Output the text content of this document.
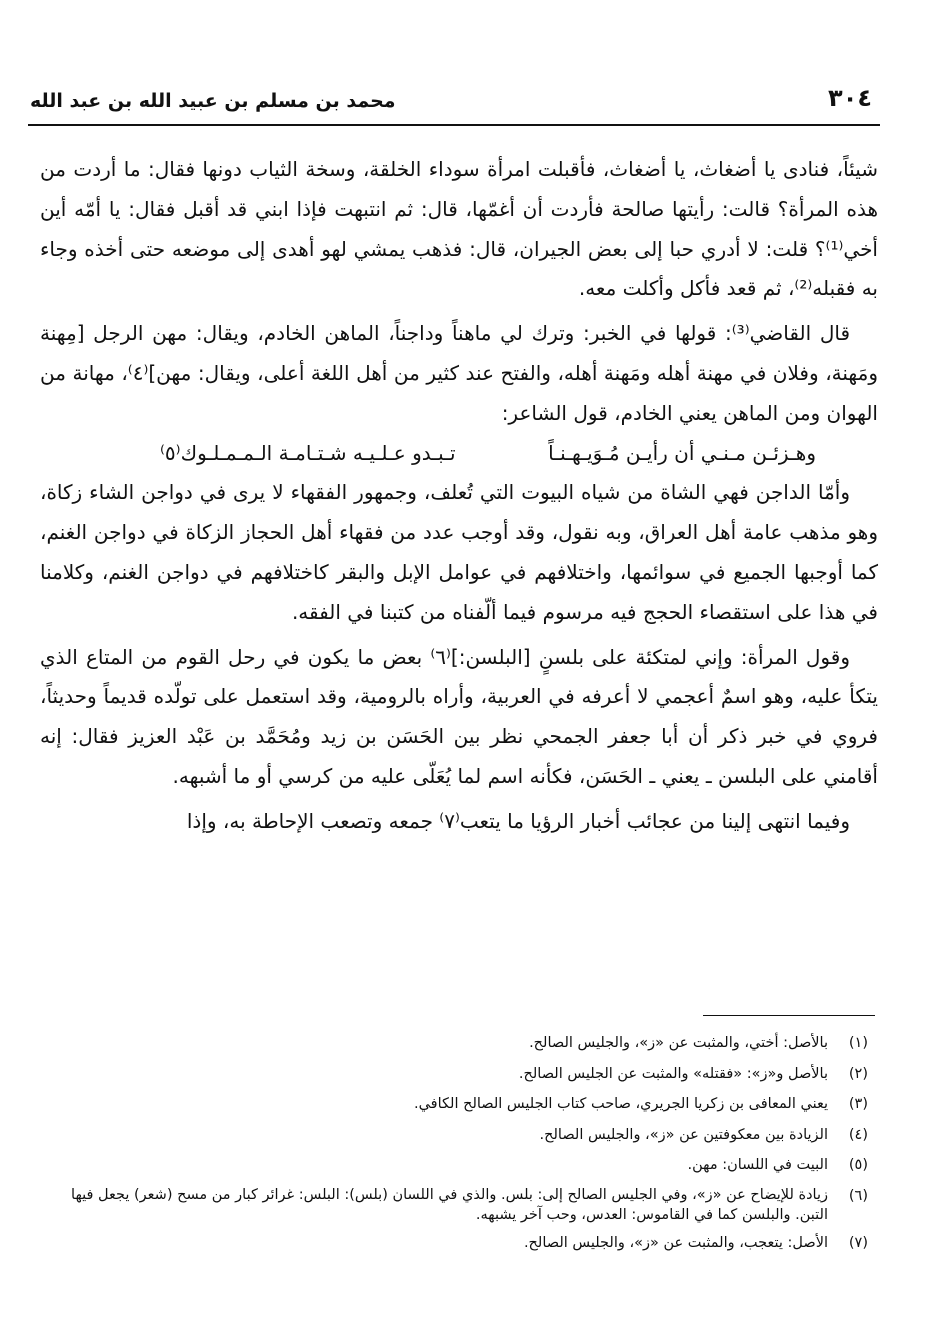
٣٠٤
محمد بن مسلم بن عبيد الله بن عبد الله

شيئاً، فنادى يا أضغاث، يا أضغاث، فأقبلت امرأة سوداء الخلقة، وسخة الثياب دونها فقال: ما أردت من هذه المرأة؟ قالت: رأيتها صالحة فأردت أن أغمّها، قال: ثم انتبهت فإذا ابني قد أقبل فقال: يا أمّه أين أخي⁽¹⁾؟ قلت: لا أدري حبا إلى بعض الجيران، قال: فذهب يمشي لهو أهدى إلى موضعه حتى أخذه وجاء به فقبله⁽²⁾، ثم قعد فأكل وأكلت معه.

قال القاضي⁽³⁾: قولها في الخبر: وترك لي ماهناً وداجناً، الماهن الخادم، ويقال: مهن الرجل [مِهنة ومَهنة، وفلان في مهنة أهله ومَهنة أهله، والفتح عند كثير من أهل اللغة أعلى، ويقال: مهن]⁽٤⁾، مهانة من الهوان ومن الماهن يعني الخادم، قول الشاعر:

وهـزئـن مـنـي أن رأيـن مُـوَيـهـنـاً
تـبـدو عـلـيـه شـتـامـة الـمـمـلـوك⁽٥⁾

وأمّا الداجن فهي الشاة من شياه البيوت التي تُعلف، وجمهور الفقهاء لا يرى في دواجن الشاء زكاة، وهو مذهب عامة أهل العراق، وبه نقول، وقد أوجب عدد من فقهاء أهل الحجاز الزكاة في دواجن الغنم، كما أوجبها الجميع في سوائمها، واختلافهم في عوامل الإبل والبقر كاختلافهم في دواجن الغنم، وكلامنا في هذا على استقصاء الحجج فيه مرسوم فيما ألّفناه من كتبنا في الفقه.

وقول المرأة: وإني لمتكئة على بلسنٍ [البلسن:]⁽٦⁾ بعض ما يكون في رحل القوم من المتاع الذي يتكأ عليه، وهو اسمٌ أعجمي لا أعرفه في العربية، وأراه بالرومية، وقد استعمل على تولّده قديماً وحديثاً، فروي في خبر ذكر أن أبا جعفر الجمحي نظر بين الحَسَن بن زيد ومُحَمَّد بن عَبْد العزيز فقال: إنه أقامني على البلسن ـ يعني ـ الحَسَن، فكأنه اسم لما يُعَلّى عليه من كرسي أو ما أشبهه.

وفيما انتهى إلينا من عجائب أخبار الرؤيا ما يتعب⁽٧⁾ جمعه وتصعب الإحاطة به، وإذا

(١)
بالأصل: أختي، والمثبت عن «ز»، والجليس الصالح.
(٢)
بالأصل و«ز»: «فقتله» والمثبت عن الجليس الصالح.
(٣)
يعني المعافى بن زكريا الجريري، صاحب كتاب الجليس الصالح الكافي.
(٤)
الزيادة بين معكوفتين عن «ز»، والجليس الصالح.
(٥)
البيت في اللسان: مهن.
(٦)
زيادة للإيضاح عن «ز»، وفي الجليس الصالح إلى: بلس. والذي في اللسان (بلس): البلس: غرائر كبار من مسح (شعر) يجعل فيها التبن. والبلسن كما في القاموس: العدس، وحب آخر يشبهه.
(٧)
الأصل: يتعجب، والمثبت عن «ز»، والجليس الصالح.
